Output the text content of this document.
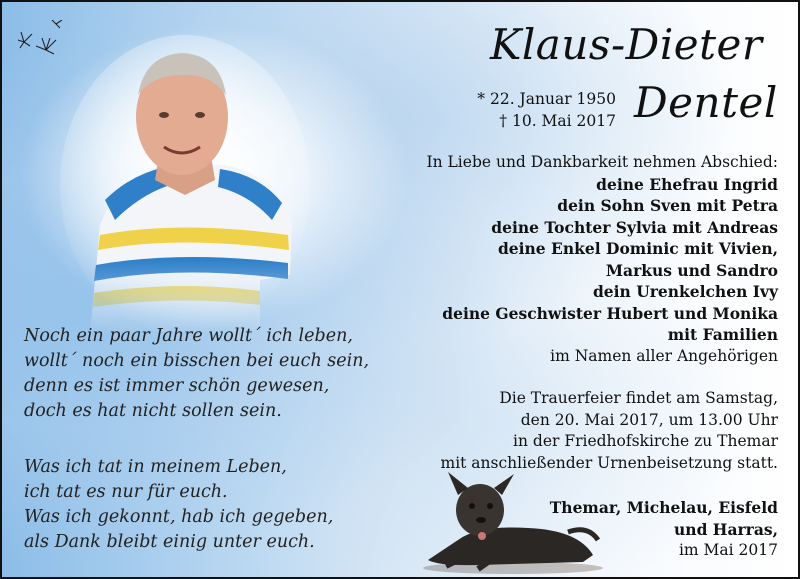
Klaus-Dieter
Dentel
* 22. Januar 1950
† 10. Mai 2017
In Liebe und Dankbarkeit nehmen Abschied:
deine Ehefrau Ingrid
dein Sohn Sven mit Petra
deine Tochter Sylvia mit Andreas
deine Enkel Dominic mit Vivien,
Markus und Sandro
dein Urenkelchen Ivy
deine Geschwister Hubert und Monika
mit Familien
im Namen aller Angehörigen
Die Trauerfeier findet am Samstag,
den 20. Mai 2017, um 13.00 Uhr
in der Friedhofskirche zu Themar
mit anschließender Urnenbeisetzung statt.
Themar, Michelau, Eisfeld
und Harras,
im Mai 2017
Noch ein paar Jahre wollt´ ich leben,
wollt´ noch ein bisschen bei euch sein,
denn es ist immer schön gewesen,
doch es hat nicht sollen sein.
Was ich tat in meinem Leben,
ich tat es nur für euch.
Was ich gekonnt, hab ich gegeben,
als Dank bleibt einig unter euch.
